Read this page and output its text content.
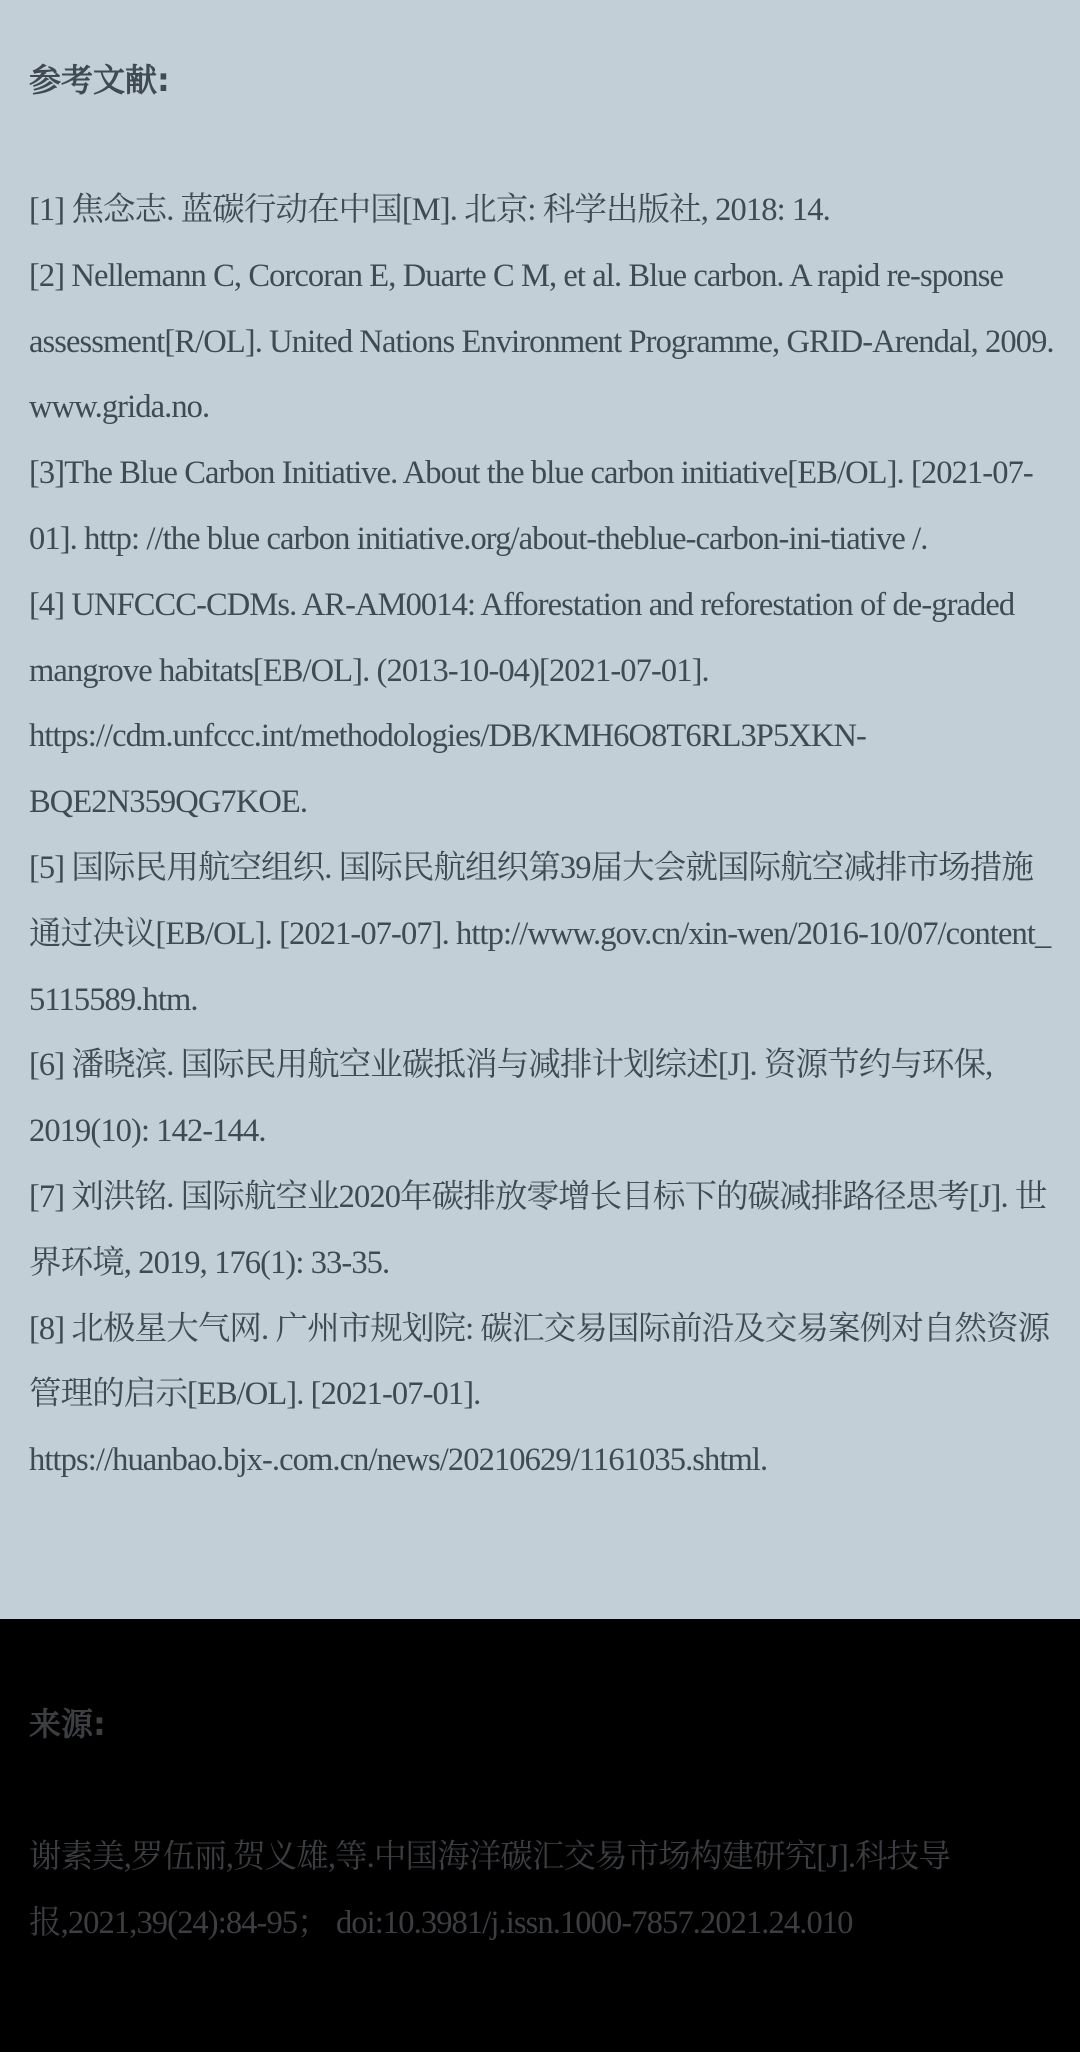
参考文献:
[1] 焦念志. 蓝碳行动在中国[M]. 北京: 科学出版社, 2018: 14.
[2] Nellemann C, Corcoran E, Duarte C M, et al. Blue carbon. A rapid re-sponse assessment[R/OL]. United Nations Environment Programme, GRID-Arendal, 2009. www.grida.no.
[3]The Blue Carbon Initiative. About the blue carbon initiative[EB/OL]. [2021-07-01]. http: //the blue carbon initiative.org/about-theblue-carbon-ini-tiative /.
[4] UNFCCC-CDMs. AR-AM0014: Afforestation and reforestation of de-graded mangrove habitats[EB/OL]. (2013-10-04)[2021-07-01]. https://cdm.unfccc.int/methodologies/DB/KMH6O8T6RL3P5XKN-BQE2N359QG7KOE.
[5] 国际民用航空组织. 国际民航组织第39届大会就国际航空减排市场措施通过决议[EB/OL]. [2021-07-07]. http://www.gov.cn/xin-wen/2016-10/07/content_ 5115589.htm.
[6] 潘晓滨. 国际民用航空业碳抵消与减排计划综述[J]. 资源节约与环保, 2019(10): 142-144.
[7] 刘洪铭. 国际航空业2020年碳排放零增长目标下的碳减排路径思考[J]. 世界环境, 2019, 176(1): 33-35.
[8] 北极星大气网. 广州市规划院: 碳汇交易国际前沿及交易案例对自然资源管理的启示[EB/OL]. [2021-07-01]. https://huanbao.bjx-.com.cn/news/20210629/1161035.shtml.
来源:

谢素美,罗伍丽,贺义雄,等.中国海洋碳汇交易市场构建研究[J].科技导报,2021,39(24):84-95； doi:10.3981/j.issn.1000-7857.2021.24.010
